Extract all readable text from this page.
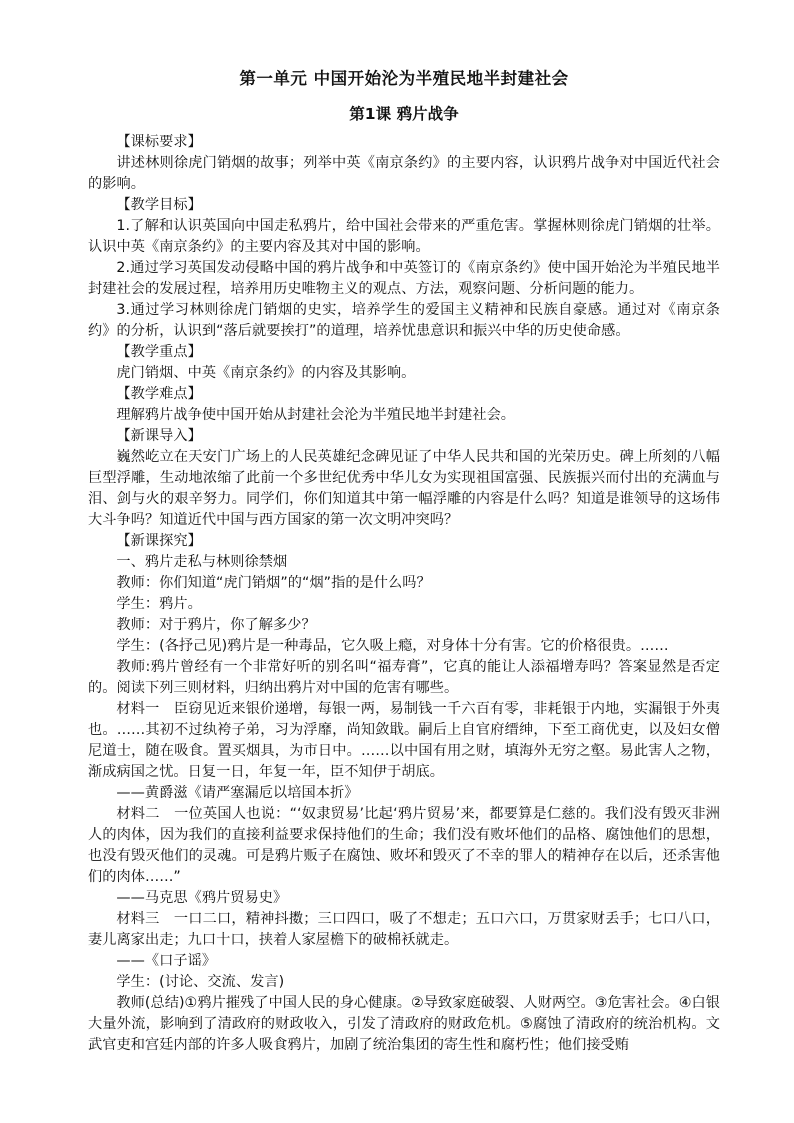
第一单元 中国开始沦为半殖民地半封建社会
第1课 鸦片战争

【课标要求】

讲述林则徐虎门销烟的故事；列举中英《南京条约》的主要内容，认识鸦片战争对中国近代社会的影响。

【教学目标】

1.了解和认识英国向中国走私鸦片，给中国社会带来的严重危害。掌握林则徐虎门销烟的壮举。认识中英《南京条约》的主要内容及其对中国的影响。

2.通过学习英国发动侵略中国的鸦片战争和中英签订的《南京条约》使中国开始沦为半殖民地半封建社会的发展过程，培养用历史唯物主义的观点、方法，观察问题、分析问题的能力。

3.通过学习林则徐虎门销烟的史实，培养学生的爱国主义精神和民族自豪感。通过对《南京条约》的分析，认识到“落后就要挨打”的道理，培养忧患意识和振兴中华的历史使命感。

【教学重点】

虎门销烟、中英《南京条约》的内容及其影响。

【教学难点】

理解鸦片战争使中国开始从封建社会沦为半殖民地半封建社会。

【新课导入】

巍然屹立在天安门广场上的人民英雄纪念碑见证了中华人民共和国的光荣历史。碑上所刻的八幅巨型浮雕，生动地浓缩了此前一个多世纪优秀中华儿女为实现祖国富强、民族振兴而付出的充满血与泪、剑与火的艰辛努力。同学们，你们知道其中第一幅浮雕的内容是什么吗？知道是谁领导的这场伟大斗争吗？知道近代中国与西方国家的第一次文明冲突吗？

【新课探究】

一、鸦片走私与林则徐禁烟

教师：你们知道“虎门销烟”的“烟”指的是什么吗？

学生：鸦片。

教师：对于鸦片，你了解多少？

学生：(各抒己见)鸦片是一种毒品，它久吸上瘾，对身体十分有害。它的价格很贵。……

教师:鸦片曾经有一个非常好听的别名叫“福寿膏”，它真的能让人添福增寿吗？答案显然是否定的。阅读下列三则材料，归纳出鸦片对中国的危害有哪些。

材料一　臣窃见近来银价递增，每银一两，易制钱一千六百有零，非耗银于内地，实漏银于外夷也。……其初不过纨袴子弟，习为浮靡，尚知敛戢。嗣后上自官府缙绅，下至工商优吏，以及妇女僧尼道士，随在吸食。置买烟具，为市日中。……以中国有用之财，填海外无穷之壑。易此害人之物，渐成病国之忧。日复一日，年复一年，臣不知伊于胡底。

——黄爵滋《请严塞漏卮以培国本折》

材料二　一位英国人也说：“‘奴隶贸易’比起‘鸦片贸易’来，都要算是仁慈的。我们没有毁灭非洲人的肉体，因为我们的直接利益要求保持他们的生命；我们没有败坏他们的品格、腐蚀他们的思想，也没有毁灭他们的灵魂。可是鸦片贩子在腐蚀、败坏和毁灭了不幸的罪人的精神存在以后，还杀害他们的肉体……”

——马克思《鸦片贸易史》

材料三　一口二口，精神抖擞；三口四口，吸了不想走；五口六口，万贯家财丢手；七口八口，妻儿离家出走；九口十口，挟着人家屋檐下的破棉袄就走。

——《口子谣》

学生：(讨论、交流、发言)

教师(总结)①鸦片摧残了中国人民的身心健康。②导致家庭破裂、人财两空。③危害社会。④白银大量外流，影响到了清政府的财政收入，引发了清政府的财政危机。⑤腐蚀了清政府的统治机构。文武官吏和宫廷内部的许多人吸食鸦片，加剧了统治集团的寄生性和腐朽性；他们接受贿
